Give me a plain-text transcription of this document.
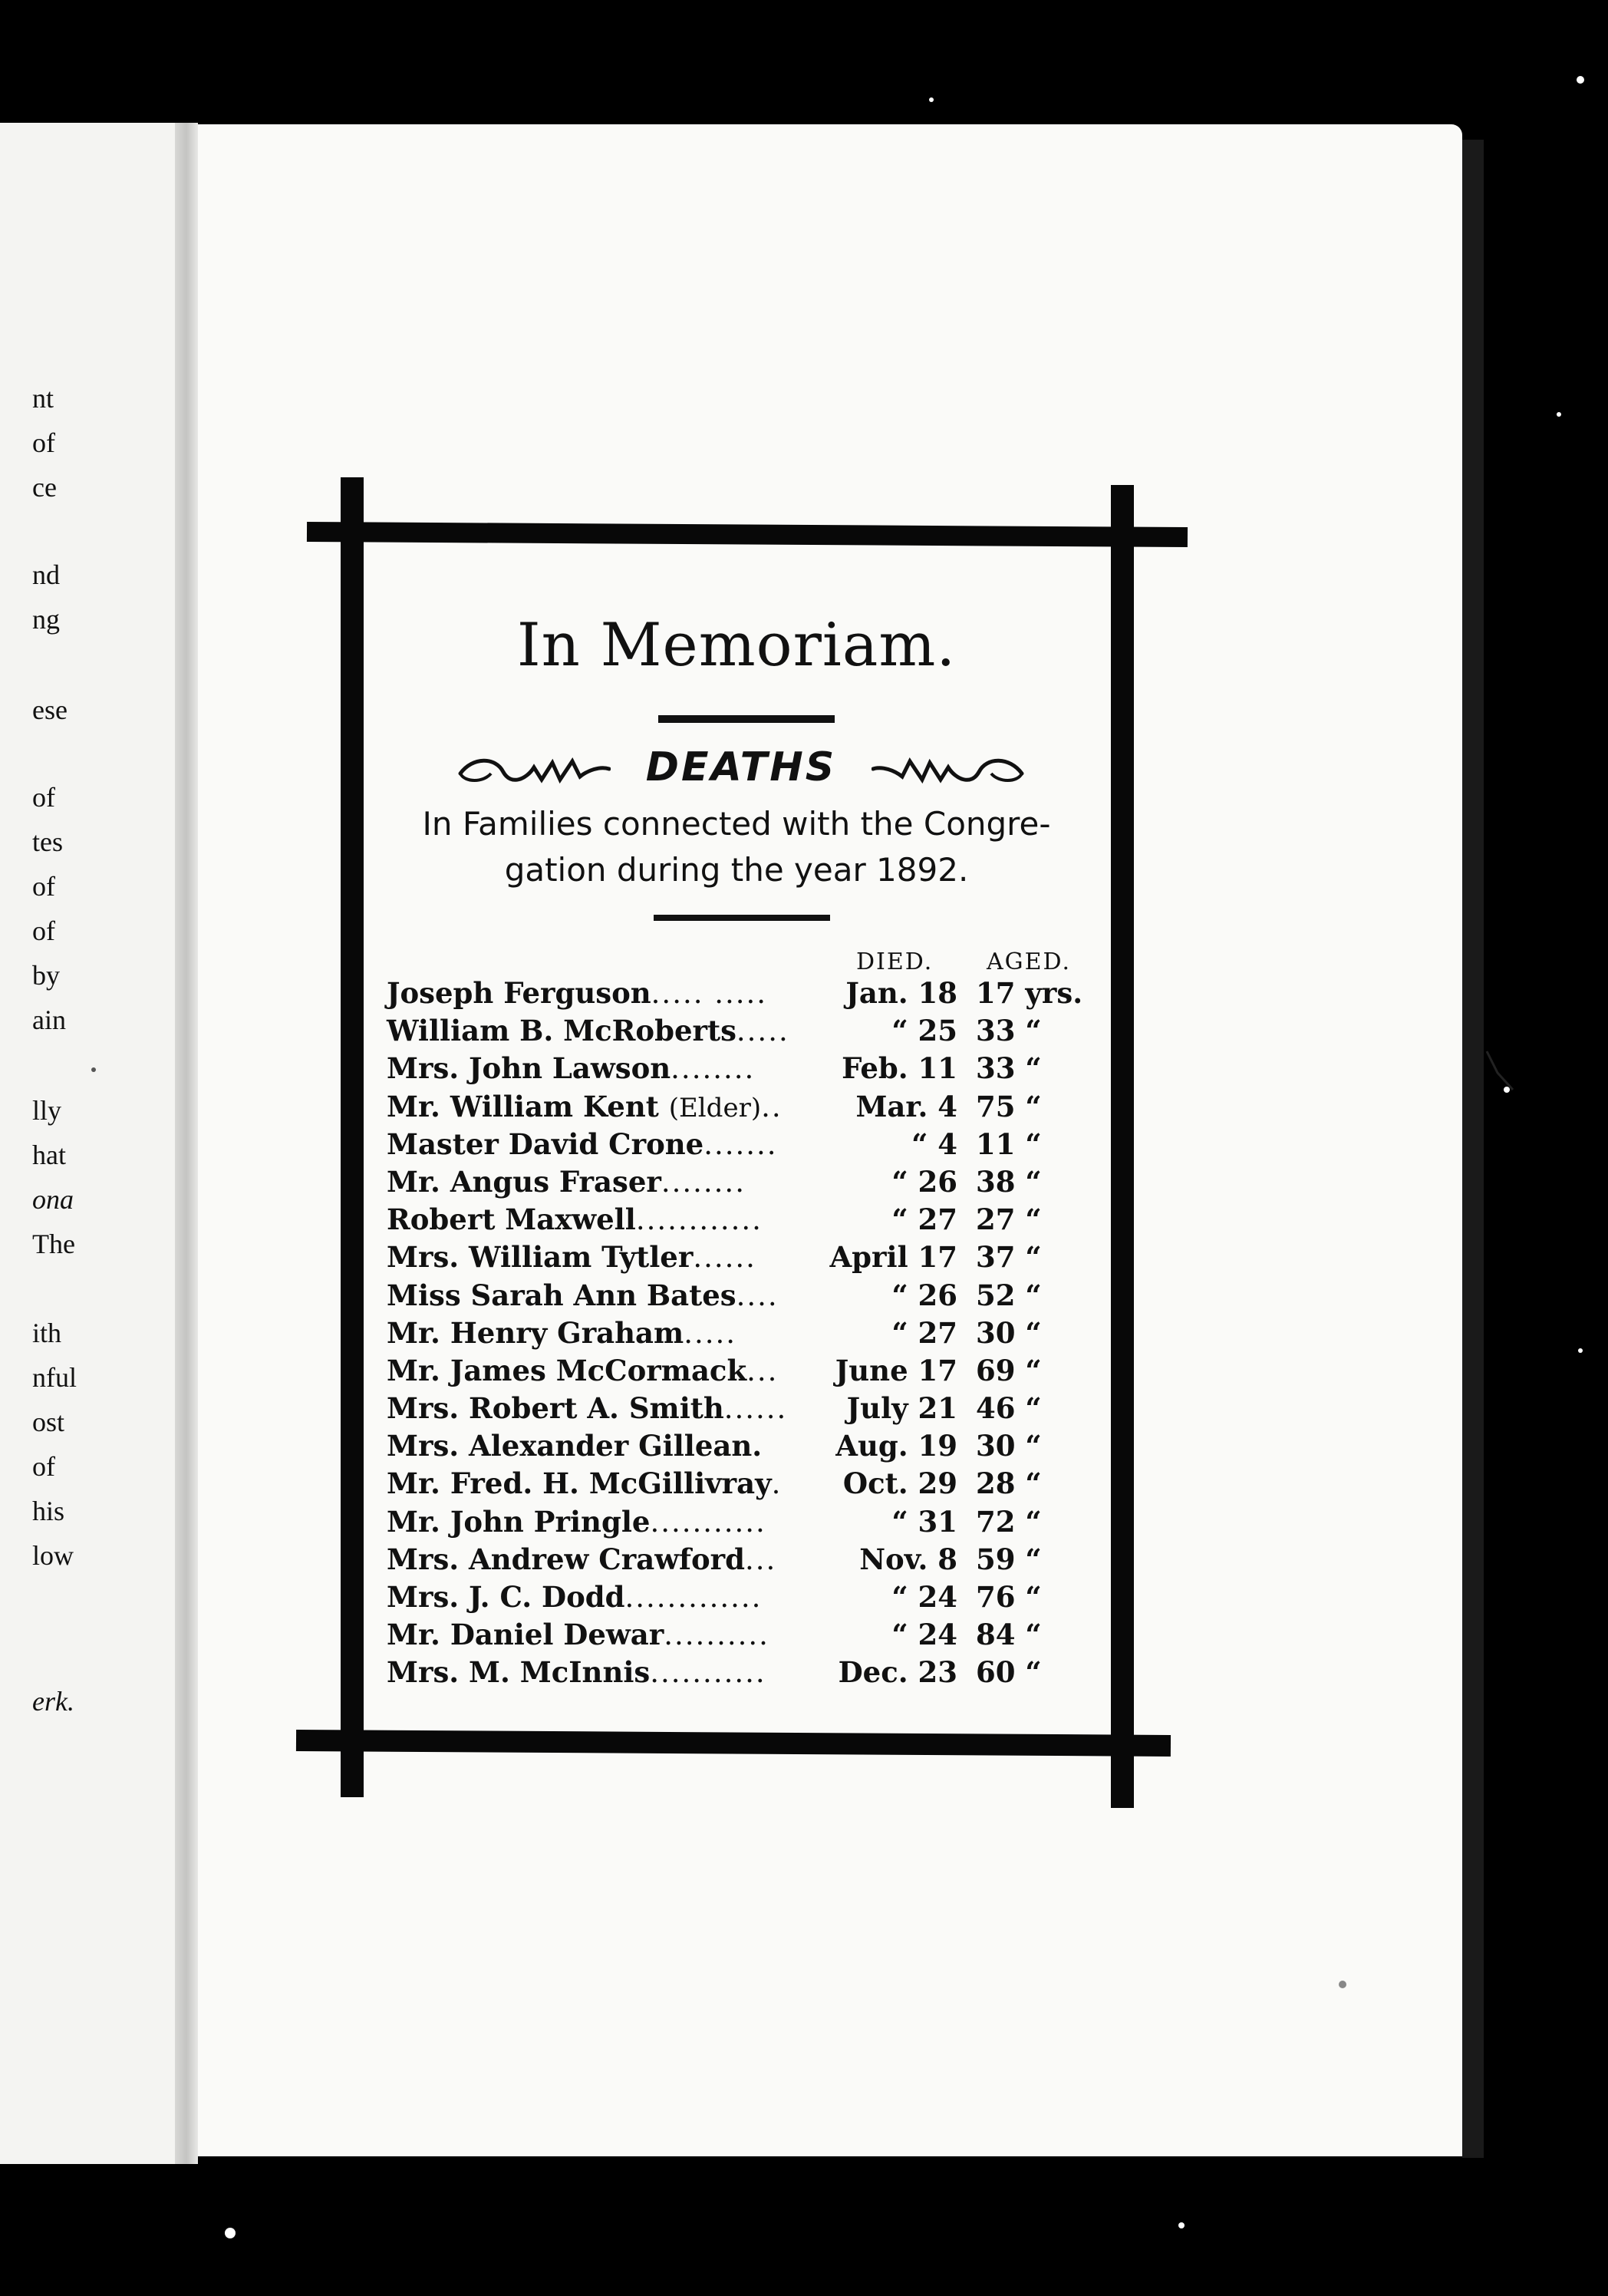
nt
of
ce
nd
ng
ese
of
tes
of
of
by
ain
lly
hat
ona
The
ith
nful
ost
of
his
low
erk.
In Memoriam.
DEATHS
In Families connected with the Congre-
gation during the year 1892.
DIED. AGED.
Joseph Ferguson..... .....	Jan. 18 17 yrs.
William B. McRoberts.....	“ 25 33 “
Mrs. John Lawson........	Feb. 11 33 “
Mr. William Kent (Elder)..	Mar. 4 75 “
Master David Crone.......	“ 4 11 “
Mr. Angus Fraser........	“ 26 38 “
Robert Maxwell............	“ 27 27 “
Mrs. William Tytler......	April 17 37 “
Miss Sarah Ann Bates....	“ 26 52 “
Mr. Henry Graham.....	“ 27 30 “
Mr. James McCormack... June 17 69 “
Mrs. Robert A. Smith...... July 21 46 “
Mrs. Alexander Gillean.	Aug. 19 30 “
Mr. Fred. H. McGillivray. Oct. 29 28 “
Mr. John Pringle...........	“ 31 72 “
Mrs. Andrew Crawford...	Nov. 8 59 “
Mrs. J. C. Dodd.............	“ 24 76 “
Mr. Daniel Dewar..........	“ 24 84 “
Mrs. M. McInnis...........	Dec. 23 60 “
